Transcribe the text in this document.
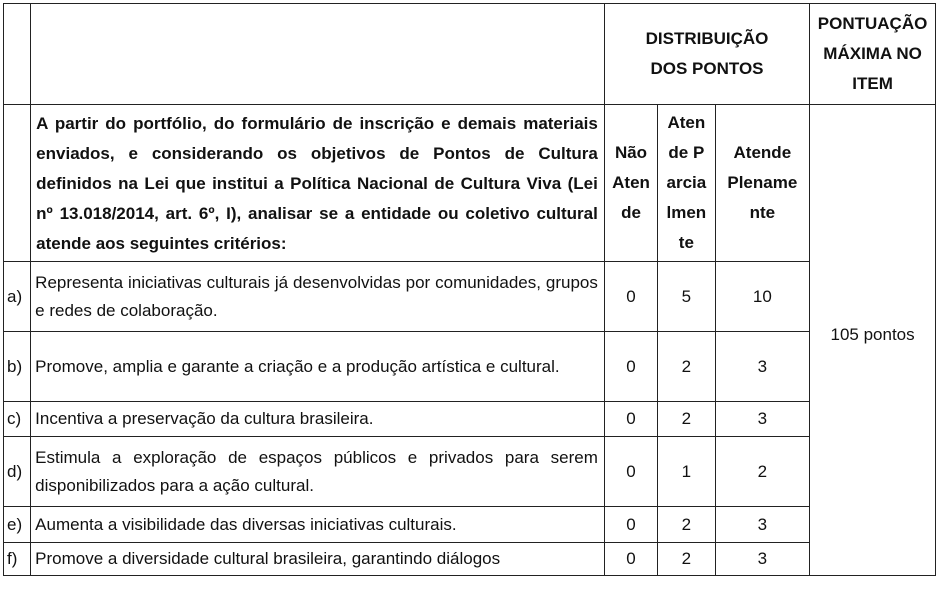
		DISTRIBUIÇÃO DOS PONTOS			PONTUAÇÃO MÁXIMA NO ITEM

	A partir do portfólio, do formulário de inscrição e demais materiais enviados, e considerando os objetivos de Pontos de Cultura definidos na Lei que institui a Política Nacional de Cultura Viva (Lei nº 13.018/2014, art. 6º, I), analisar se a entidade ou coletivo cultural atende aos seguintes critérios:	Não Atende	Atende Parcialmente	Atende Plenamente	105 pontos

a)	Representa iniciativas culturais já desenvolvidas por comunidades, grupos e redes de colaboração.	0	5	10	
b)	Promove, amplia e garante a criação e a produção artística e cultural.	0	2	3	
c)	Incentiva a preservação da cultura brasileira.	0	2	3	
d)	Estimula a exploração de espaços públicos e privados para serem disponibilizados para a ação cultural.	0	1	2	
e)	Aumenta a visibilidade das diversas iniciativas culturais.	0	2	3	
f)	Promove a diversidade cultural brasileira, garantindo diálogos	0	2	3	
